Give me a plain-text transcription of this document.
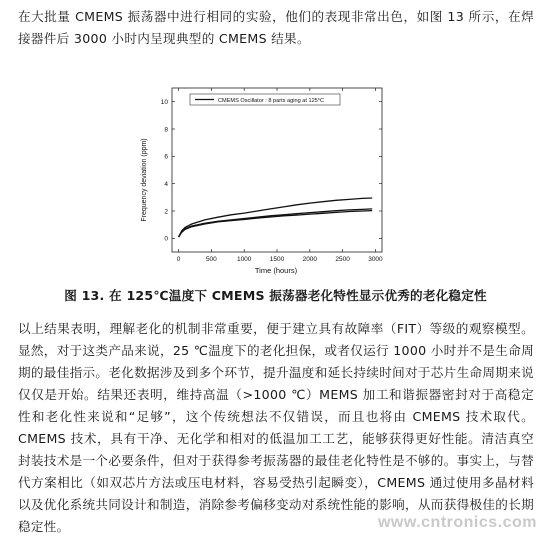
在大批量 CMEMS 振荡器中进行相同的实验，他们的表现非常出色，如图 13 所示，在焊接器件后 3000 小时内呈现典型的 CMEMS 结果。
0	500	1000	1500	2000	2500	3000
0
2
4
6
8
10	CMEMS Oscillator : 8 parts aging at 125°C
Time (hours)
Frequency deviation (ppm)
图 13. 在 125℃温度下 CMEMS 振荡器老化特性显示优秀的老化稳定性
以上结果表明，理解老化的机制非常重要，便于建立具有故障率（FIT）等级的观察模型。显然，对于这类产品来说，25 ℃温度下的老化担保，或者仅运行 1000 小时并不是生命周期的最佳指示。老化数据涉及到多个环节，提升温度和延长持续时间对于芯片生命周期来说仅仅是开始。结果还表明，维持高温（>1000 ℃）MEMS 加工和谐振器密封对于高稳定性和老化性来说和“足够”，这个传统想法不仅错误，而且也将由 CMEMS 技术取代。CMEMS 技术，具有干净、无化学和相对的低温加工工艺，能够获得更好性能。清洁真空封装技术是一个必要条件，但对于获得参考振荡器的最佳老化特性是不够的。事实上，与替代方案相比（如双芯片方法或压电材料，容易受热引起瞬变），CMEMS 通过使用多晶材料以及优化系统共同设计和制造，消除参考偏移变动对系统性能的影响，从而获得极佳的长期稳定性。	www.cntronics.com
